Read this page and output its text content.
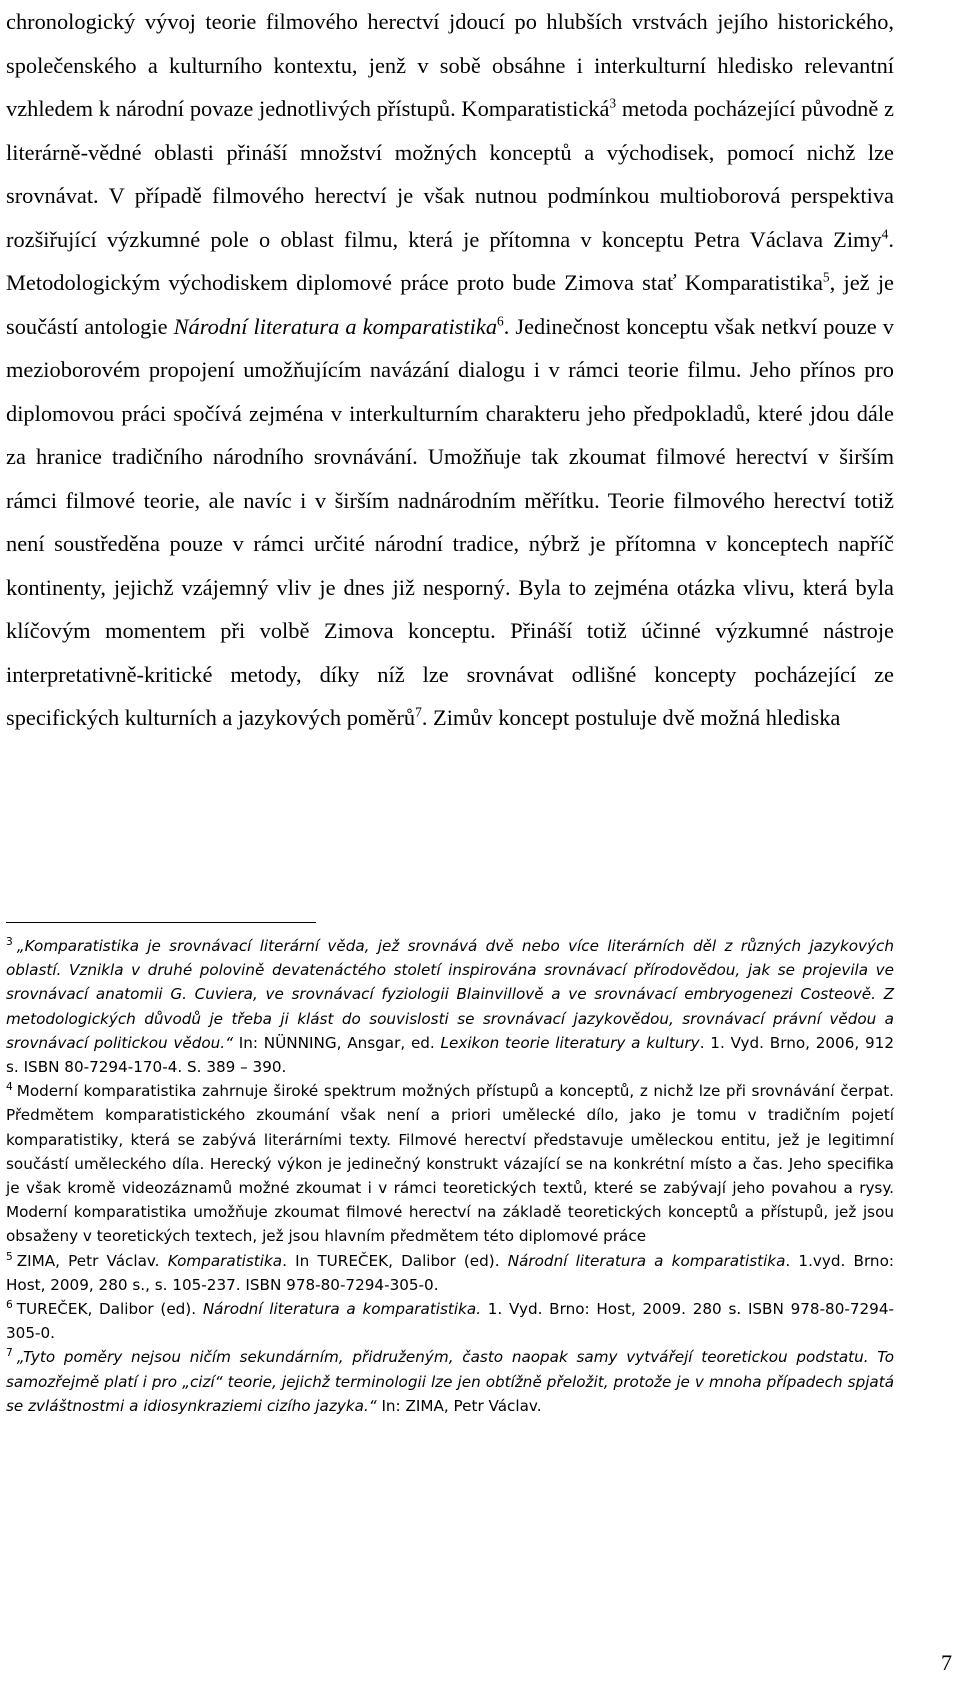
chronologický vývoj teorie filmového herectví jdoucí po hlubších vrstvách jejího historického, společenského a kulturního kontextu, jenž v sobě obsáhne i interkulturní hledisko relevantní vzhledem k národní povaze jednotlivých přístupů. Komparatistická$^3$ metoda pocházející původně z literárně-vědné oblasti přináší množství možných konceptů a východisek, pomocí nichž lze srovnávat. V případě filmového herectví je však nutnou podmínkou multioborová perspektiva rozšiřující výzkumné pole o oblast filmu, která je přítomna v konceptu Petra Václava Zimy$^4$. Metodologickým východiskem diplomové práce proto bude Zimova stať Komparatistika$^5$, jež je součástí antologie Národní literatura a komparatistika$^6$. Jedinečnost konceptu však netkví pouze v mezioborovém propojení umožňujícím navázání dialogu i v rámci teorie filmu. Jeho přínos pro diplomovou práci spočívá zejména v interkulturním charakteru jeho předpokladů, které jdou dále za hranice tradičního národního srovnávání. Umožňuje tak zkoumat filmové herectví v širším rámci filmové teorie, ale navíc i v širším nadnárodním měřítku. Teorie filmového herectví totiž není soustředěna pouze v rámci určité národní tradice, nýbrž je přítomna v konceptech napříč kontinenty, jejichž vzájemný vliv je dnes již nesporný. Byla to zejména otázka vlivu, která byla klíčovým momentem při volbě Zimova konceptu. Přináší totiž účinné výzkumné nástroje interpretativně-kritické metody, díky níž lze srovnávat odlišné koncepty pocházející ze specifických kulturních a jazykových poměrů$^7$. Zimův koncept postuluje dvě možná hlediska

$^3$ „Komparatistika je srovnávací literární věda, jež srovnává dvě nebo více literárních děl z různých jazykových oblastí. Vznikla v druhé polovině devatenáctého století inspirována srovnávací přírodovědou, jak se projevila ve srovnávací anatomii G. Cuviera, ve srovnávací fyziologii Blainvillově a ve srovnávací embryogenezi Costeově. Z metodologických důvodů je třeba ji klást do souvislosti se srovnávací jazykovědou, srovnávací právní vědou a srovnávací politickou vědou.“ In: NÜNNING, Ansgar, ed. Lexikon teorie literatury a kultury. 1. Vyd. Brno, 2006, 912 s. ISBN 80-7294-170-4. S. 389 – 390.

$^4$ Moderní komparatistika zahrnuje široké spektrum možných přístupů a konceptů, z nichž lze při srovnávání čerpat. Předmětem komparatistického zkoumání však není a priori umělecké dílo, jako je tomu v tradičním pojetí komparatistiky, která se zabývá literárními texty. Filmové herectví představuje uměleckou entitu, jež je legitimní součástí uměleckého díla. Herecký výkon je jedinečný konstrukt vázající se na konkrétní místo a čas. Jeho specifika je však kromě videozáznamů možné zkoumat i v rámci teoretických textů, které se zabývají jeho povahou a rysy. Moderní komparatistika umožňuje zkoumat filmové herectví na základě teoretických konceptů a přístupů, jež jsou obsaženy v teoretických textech, jež jsou hlavním předmětem této diplomové práce

$^5$ ZIMA, Petr Václav. Komparatistika. In TUREČEK, Dalibor (ed). Národní literatura a komparatistika. 1.vyd. Brno: Host, 2009, 280 s., s. 105-237. ISBN 978-80-7294-305-0.

$^6$ TUREČEK, Dalibor (ed). Národní literatura a komparatistika. 1. Vyd. Brno: Host, 2009. 280 s. ISBN 978-80-7294-305-0.

$^7$ „Tyto poměry nejsou ničím sekundárním, přidruženým, často naopak samy vytvářejí teoretickou podstatu. To samozřejmě platí i pro „cizí“ teorie, jejichž terminologii lze jen obtížně přeložit, protože je v mnoha případech spjatá se zvláštnostmi a idiosynkraziemi cizího jazyka.“ In: ZIMA, Petr Václav.

7
